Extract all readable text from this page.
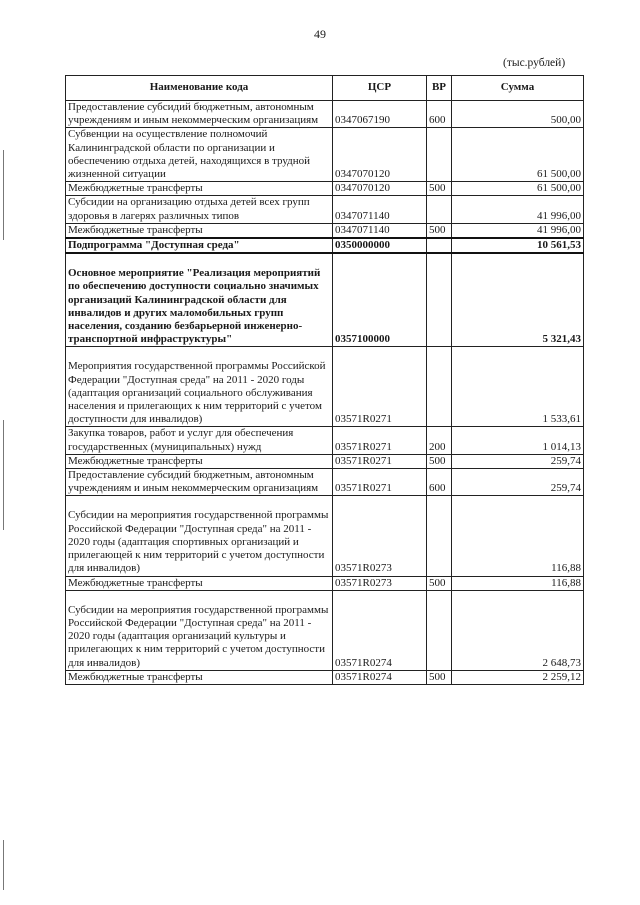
49
(тыс.рублей)
Наименование кода	ЦСР	ВР	Сумма
Предоставление субсидий бюджетным, автономным учреждениям и иным некоммерческим организациям	0347067190	600	500,00
Субвенции на осуществление полномочий Калининградской области по организации и обеспечению отдыха детей, находящихся в трудной жизненной ситуации	0347070120		61 500,00
Межбюджетные трансферты	0347070120	500	61 500,00
Субсидии на организацию отдыха детей всех групп здоровья в лагерях различных типов	0347071140		41 996,00
Межбюджетные трансферты	0347071140	500	41 996,00
Подпрограмма "Доступная среда"	0350000000		10 561,53
Основное мероприятие "Реализация мероприятий по обеспечению доступности социально значимых организаций Калининградской области для инвалидов и других маломобильных групп населения, созданию безбарьерной инженерно-транспортной инфраструктуры"	0357100000		5 321,43
Мероприятия государственной программы Российской Федерации "Доступная среда" на 2011 - 2020 годы (адаптация организаций социального обслуживания населения и прилегающих к ним территорий с учетом доступности для инвалидов)	03571R0271		1 533,61
Закупка товаров, работ и услуг для обеспечения государственных (муниципальных) нужд	03571R0271	200	1 014,13
Межбюджетные трансферты	03571R0271	500	259,74
Предоставление субсидий бюджетным, автономным учреждениям и иным некоммерческим организациям	03571R0271	600	259,74
Субсидии на мероприятия государственной программы Российской Федерации "Доступная среда" на 2011 - 2020 годы (адаптация спортивных организаций и прилегающей к ним территорий с учетом доступности для инвалидов)	03571R0273		116,88
Межбюджетные трансферты	03571R0273	500	116,88
Субсидии на мероприятия государственной программы Российской Федерации "Доступная среда" на 2011 - 2020 годы (адаптация организаций культуры и прилегающих к ним территорий с учетом доступности для инвалидов)	03571R0274		2 648,73
Межбюджетные трансферты	03571R0274	500	2 259,12
